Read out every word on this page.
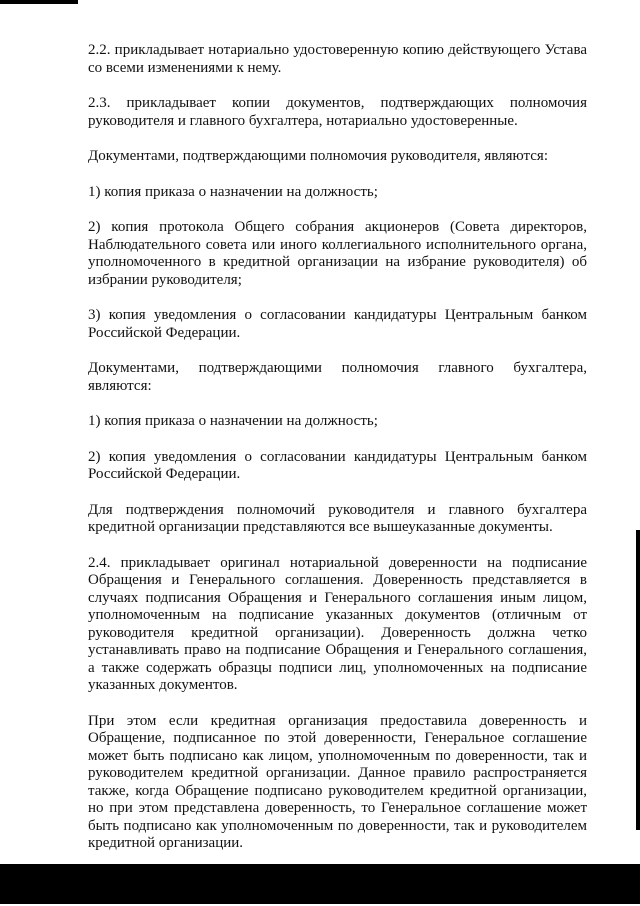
2.2. прикладывает нотариально удостоверенную копию действующего Устава со всеми изменениями к нему.

2.3. прикладывает копии документов, подтверждающих полномочия руководителя и главного бухгалтера, нотариально удостоверенные.

Документами, подтверждающими полномочия руководителя, являются:

1) копия приказа о назначении на должность;

2) копия протокола Общего собрания акционеров (Совета директоров, Наблюдательного совета или иного коллегиального исполнительного органа, уполномоченного в кредитной организации на избрание руководителя) об избрании руководителя;

3) копия уведомления о согласовании кандидатуры Центральным банком Российской Федерации.

Документами, подтверждающими полномочия главного бухгалтера, являются:

1) копия приказа о назначении на должность;

2) копия уведомления о согласовании кандидатуры Центральным банком Российской Федерации.

Для подтверждения полномочий руководителя и главного бухгалтера кредитной организации представляются все вышеуказанные документы.

2.4. прикладывает оригинал нотариальной доверенности на подписание Обращения и Генерального соглашения. Доверенность представляется в случаях подписания Обращения и Генерального соглашения иным лицом, уполномоченным на подписание указанных документов (отличным от руководителя кредитной организации). Доверенность должна четко устанавливать право на подписание Обращения и Генерального соглашения, а также содержать образцы подписи лиц, уполномоченных на подписание указанных документов.

При этом если кредитная организация предоставила доверенность и Обращение, подписанное по этой доверенности, Генеральное соглашение может быть подписано как лицом, уполномоченным по доверенности, так и руководителем кредитной организации. Данное правило распространяется также, когда Обращение подписано руководителем кредитной организации, но при этом представлена доверенность, то Генеральное соглашение может быть подписано как уполномоченным по доверенности, так и руководителем кредитной организации.
